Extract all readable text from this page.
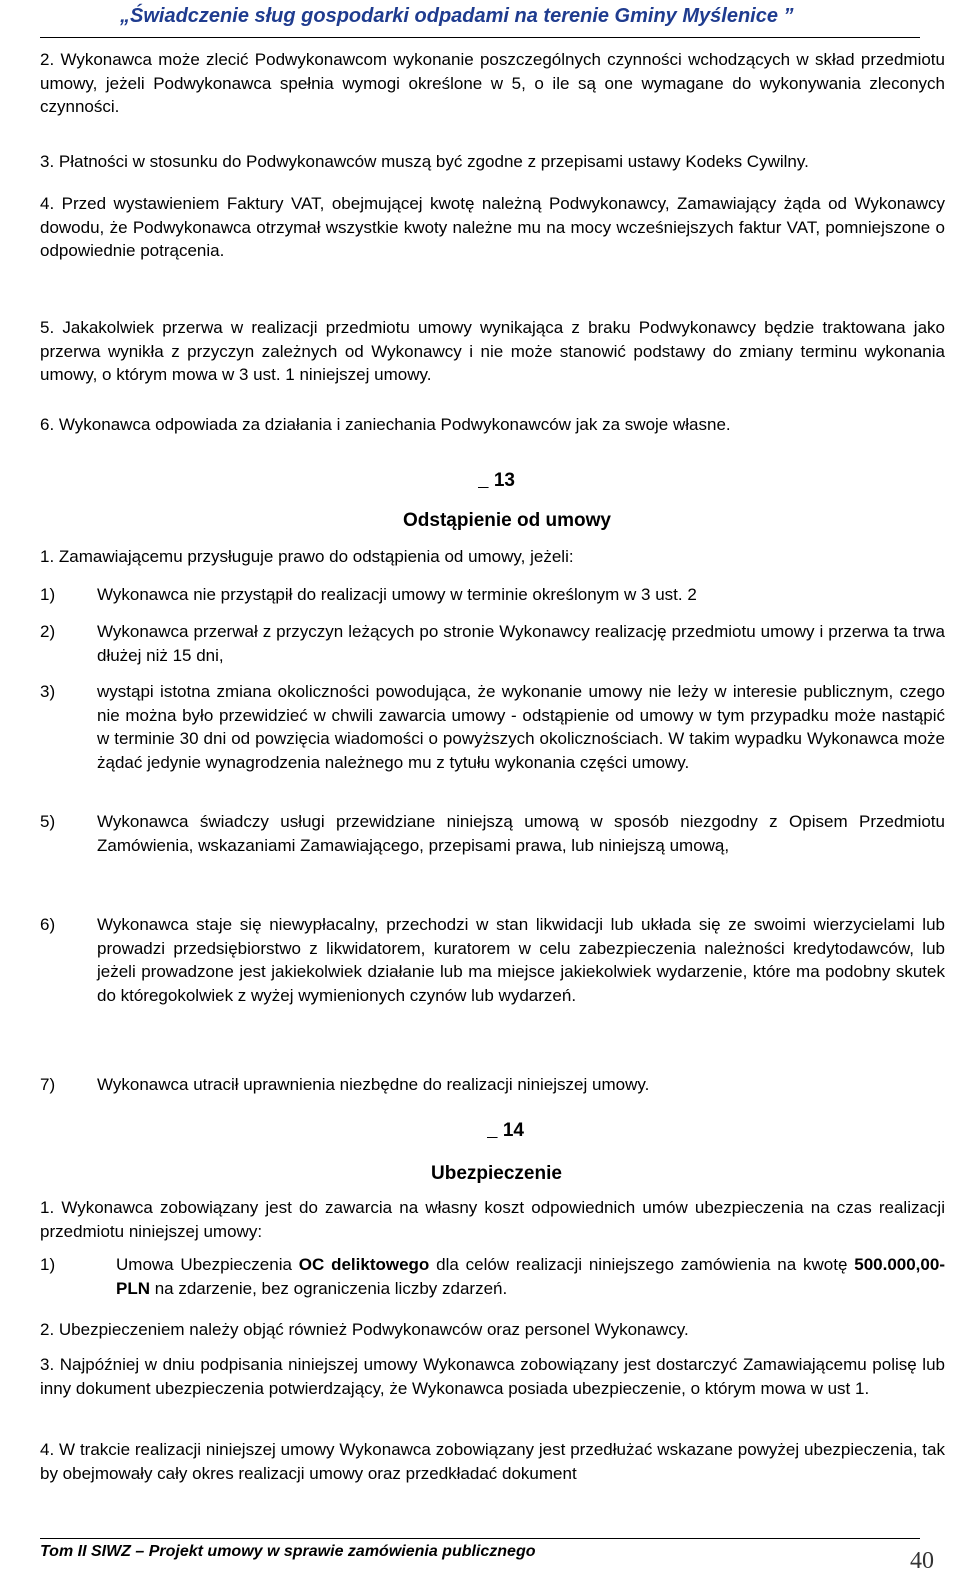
„Świadczenie sług gospodarki odpadami na terenie Gminy Myślenice ”
2. Wykonawca może zlecić Podwykonawcom wykonanie poszczególnych czynności wchodzących w skład przedmiotu umowy, jeżeli Podwykonawca spełnia wymogi określone w 5, o ile są one wymagane do wykonywania zleconych czynności.
3. Płatności w stosunku do Podwykonawców muszą być zgodne z przepisami ustawy Kodeks Cywilny.
4. Przed wystawieniem Faktury VAT, obejmującej kwotę należną Podwykonawcy, Zamawiający żąda od Wykonawcy dowodu, że Podwykonawca otrzymał wszystkie kwoty należne mu na mocy wcześniejszych faktur VAT, pomniejszone o odpowiednie potrącenia.
5. Jakakolwiek przerwa w realizacji przedmiotu umowy wynikająca z braku Podwykonawcy będzie traktowana jako przerwa wynikła z przyczyn zależnych od Wykonawcy i nie może stanowić podstawy do zmiany terminu wykonania umowy, o którym mowa w 3 ust. 1 niniejszej umowy.
6. Wykonawca odpowiada za działania i zaniechania Podwykonawców jak za swoje własne.
13
Odstąpienie od umowy
1. Zamawiającemu przysługuje prawo do odstąpienia od umowy, jeżeli:
1) Wykonawca nie przystąpił do realizacji umowy w terminie określonym w 3 ust. 2
2) Wykonawca przerwał z przyczyn leżących po stronie Wykonawcy realizację przedmiotu umowy i przerwa ta trwa dłużej niż 15 dni,
3) wystąpi istotna zmiana okoliczności powodująca, że wykonanie umowy nie leży w interesie publicznym, czego nie można było przewidzieć w chwili zawarcia umowy - odstąpienie od umowy w tym przypadku może nastąpić w terminie 30 dni od powzięcia wiadomości o powyższych okolicznościach. W takim wypadku Wykonawca może żądać jedynie wynagrodzenia należnego mu z tytułu wykonania części umowy.
5) Wykonawca świadczy usługi przewidziane niniejszą umową w sposób niezgodny z Opisem Przedmiotu Zamówienia, wskazaniami Zamawiającego, przepisami prawa, lub niniejszą umową,
6) Wykonawca staje się niewypłacalny, przechodzi w stan likwidacji lub układa się ze swoimi wierzycielami lub prowadzi przedsiębiorstwo z likwidatorem, kuratorem w celu zabezpieczenia należności kredytodawców, lub jeżeli prowadzone jest jakiekolwiek działanie lub ma miejsce jakiekolwiek wydarzenie, które ma podobny skutek do któregokolwiek z wyżej wymienionych czynów lub wydarzeń.
7) Wykonawca utracił uprawnienia niezbędne do realizacji niniejszej umowy.
14
Ubezpieczenie
1. Wykonawca zobowiązany jest do zawarcia na własny koszt odpowiednich umów ubezpieczenia na czas realizacji przedmiotu niniejszej umowy:
1)	Umowa Ubezpieczenia OC deliktowego dla celów realizacji niniejszego zamówienia na kwotę 500.000,00- PLN na zdarzenie, bez ograniczenia liczby zdarzeń.
2. Ubezpieczeniem należy objąć również Podwykonawców oraz personel Wykonawcy.
3. Najpóźniej w dniu podpisania niniejszej umowy Wykonawca zobowiązany jest dostarczyć Zamawiającemu polisę lub inny dokument ubezpieczenia potwierdzający, że Wykonawca posiada ubezpieczenie, o którym mowa w ust 1.
4. W trakcie realizacji niniejszej umowy Wykonawca zobowiązany jest przedłużać wskazane powyżej ubezpieczenia, tak by obejmowały cały okres realizacji umowy oraz przedkładać dokument
Tom II SIWZ – Projekt umowy w sprawie zamówienia publicznego	40
